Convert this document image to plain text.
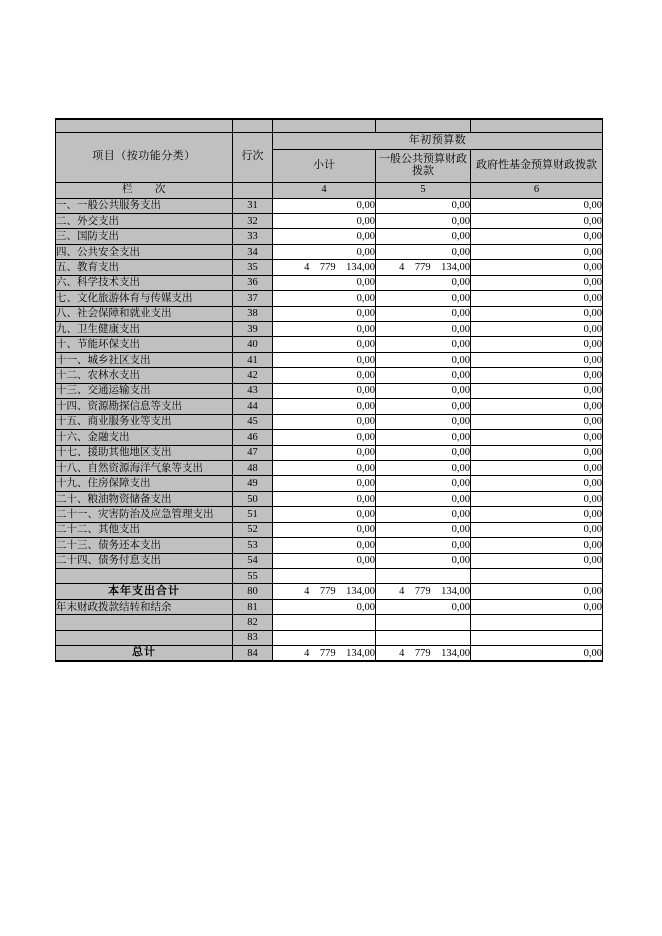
项目（按功能分类）	行次	年初预算数		
		小计	一般公共预算财政拨款	政府性基金预算财政拨款
栏　　次		4	5	6
一、一般公共服务支出	31	0,00	0,00	0,00
二、外交支出	32	0,00	0,00	0,00
三、国防支出	33	0,00	0,00	0,00
四、公共安全支出	34	0,00	0,00	0,00
五、教育支出	35	4　779　134,00	4　779　134,00	0,00
六、科学技术支出	36	0,00	0,00	0,00
七、文化旅游体育与传媒支出	37	0,00	0,00	0,00
八、社会保障和就业支出	38	0,00	0,00	0,00
九、卫生健康支出	39	0,00	0,00	0,00
十、节能环保支出	40	0,00	0,00	0,00
十一、城乡社区支出	41	0,00	0,00	0,00
十二、农林水支出	42	0,00	0,00	0,00
十三、交通运输支出	43	0,00	0,00	0,00
十四、资源勘探信息等支出	44	0,00	0,00	0,00
十五、商业服务业等支出	45	0,00	0,00	0,00
十六、金融支出	46	0,00	0,00	0,00
十七、援助其他地区支出	47	0,00	0,00	0,00
十八、自然资源海洋气象等支出	48	0,00	0,00	0,00
十九、住房保障支出	49	0,00	0,00	0,00
二十、粮油物资储备支出	50	0,00	0,00	0,00
二十一、灾害防治及应急管理支出	51	0,00	0,00	0,00
二十二、其他支出	52	0,00	0,00	0,00
二十三、债务还本支出	53	0,00	0,00	0,00
二十四、债务付息支出	54	0,00	0,00	0,00
	55			
本年支出合计	80	4　779　134,00	4　779　134,00	0,00
年末财政拨款结转和结余	81	0,00	0,00	0,00
	82			
	83			
总计	84	4　779　134,00	4　779　134,00	0,00
